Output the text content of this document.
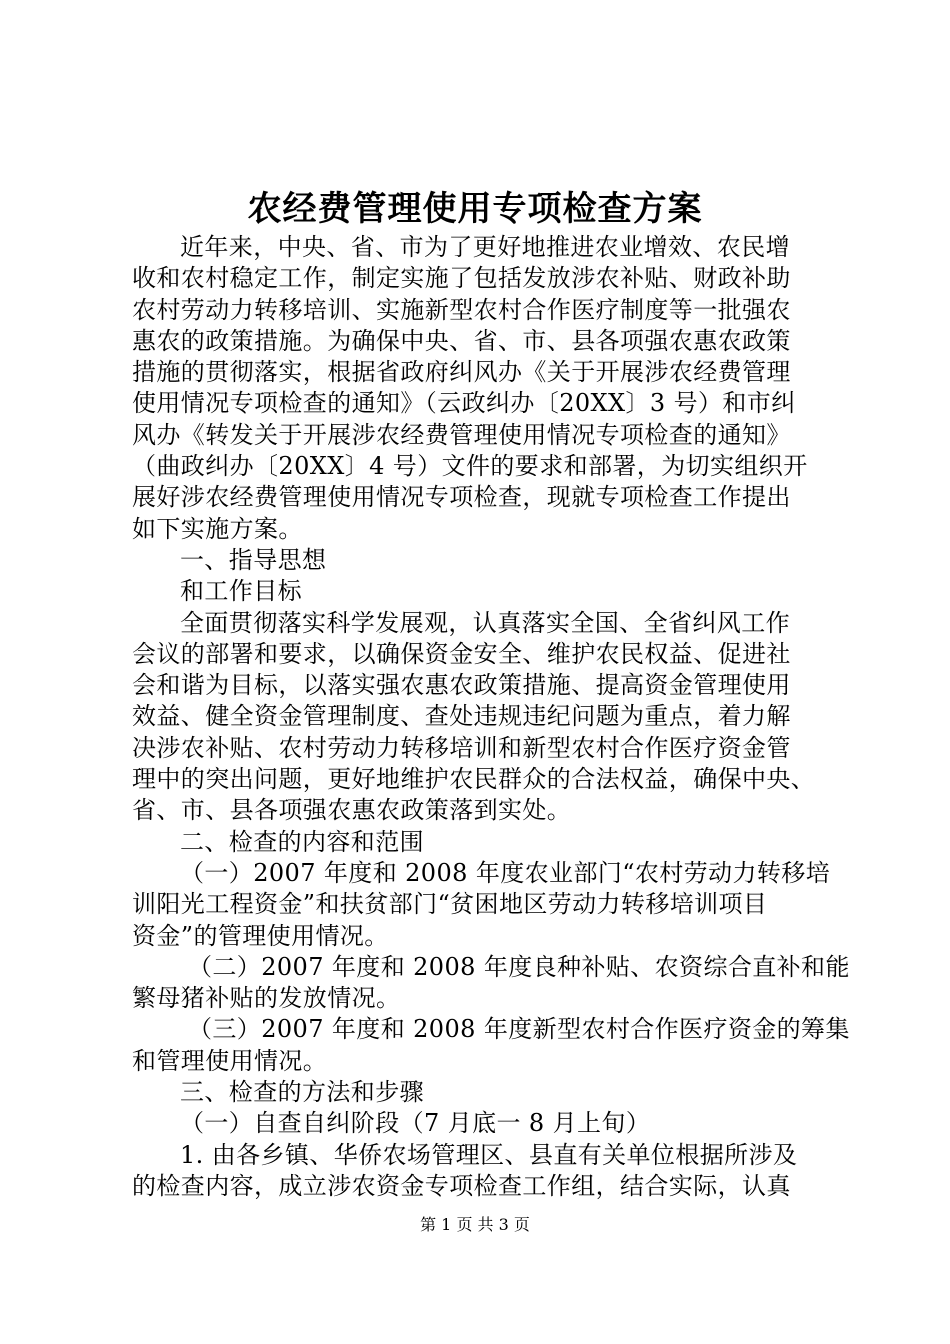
农经费管理使用专项检查方案
近年来，中央、省、市为了更好地推进农业增效、农民增
收和农村稳定工作，制定实施了包括发放涉农补贴、财政补助
农村劳动力转移培训、实施新型农村合作医疗制度等一批强农
惠农的政策措施。为确保中央、省、市、县各项强农惠农政策
措施的贯彻落实，根据省政府纠风办《关于开展涉农经费管理
使用情况专项检查的通知》（云政纠办〔20XX〕3 号）和市纠
风办《转发关于开展涉农经费管理使用情况专项检查的通知》
（曲政纠办〔20XX〕4 号）文件的要求和部署，为切实组织开
展好涉农经费管理使用情况专项检查，现就专项检查工作提出
如下实施方案。
一、指导思想
和工作目标
全面贯彻落实科学发展观，认真落实全国、全省纠风工作
会议的部署和要求，以确保资金安全、维护农民权益、促进社
会和谐为目标，以落实强农惠农政策措施、提高资金管理使用
效益、健全资金管理制度、查处违规违纪问题为重点，着力解
决涉农补贴、农村劳动力转移培训和新型农村合作医疗资金管
理中的突出问题，更好地维护农民群众的合法权益，确保中央、
省、市、县各项强农惠农政策落到实处。
二、检查的内容和范围
（一）2007 年度和 2008 年度农业部门“农村劳动力转移培
训阳光工程资金”和扶贫部门“贫困地区劳动力转移培训项目
资金”的管理使用情况。
（二）2007 年度和 2008 年度良种补贴、农资综合直补和能
繁母猪补贴的发放情况。
（三）2007 年度和 2008 年度新型农村合作医疗资金的筹集
和管理使用情况。
三、检查的方法和步骤
（一）自查自纠阶段（7 月底一 8 月上旬）
1. 由各乡镇、华侨农场管理区、县直有关单位根据所涉及
的检查内容，成立涉农资金专项检查工作组，结合实际，认真
第 1 页 共 3 页
